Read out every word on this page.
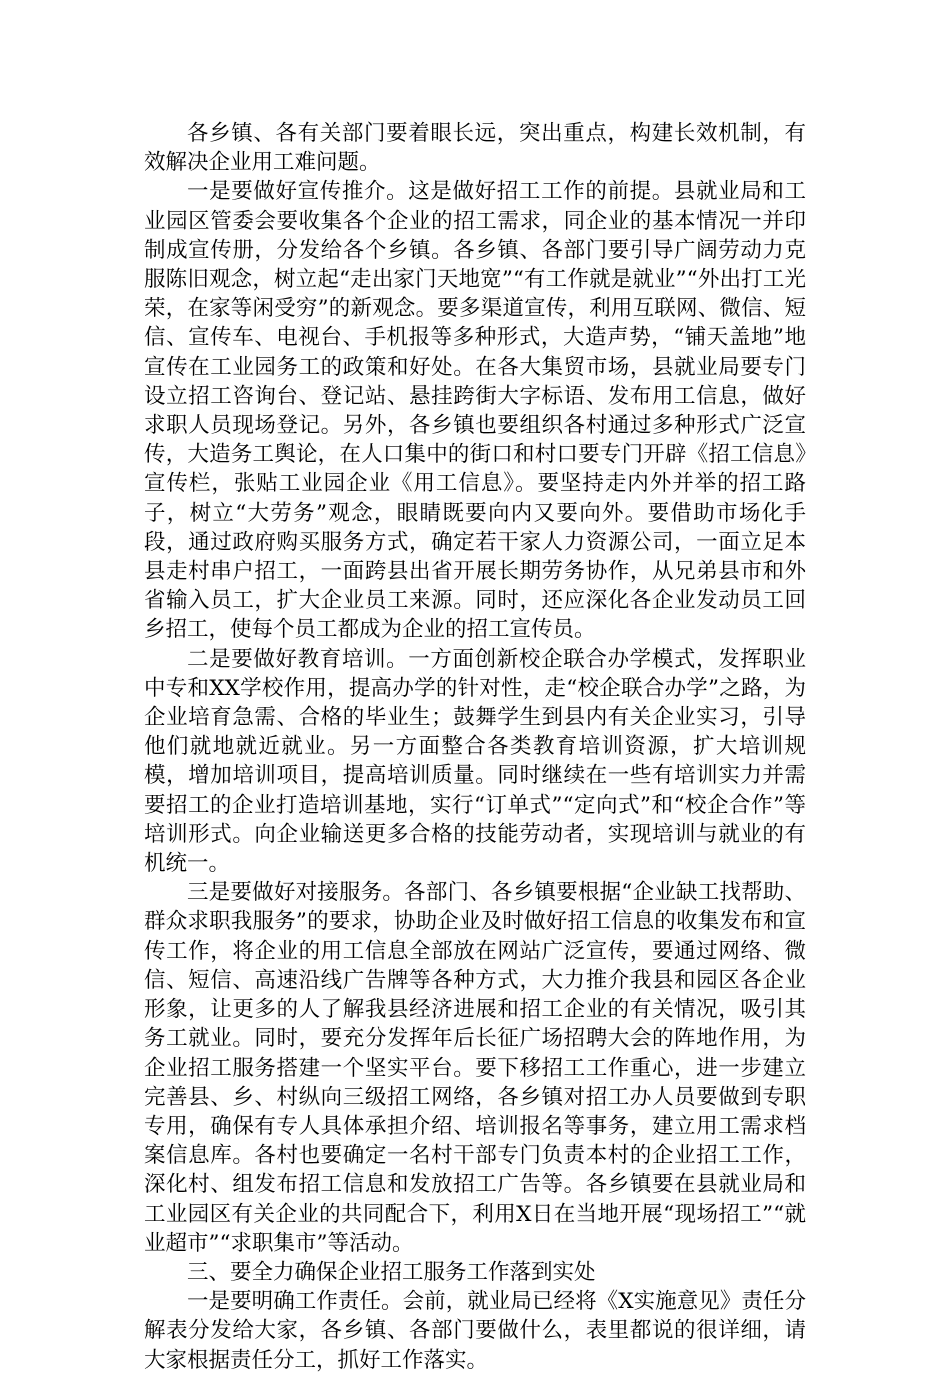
各乡镇、各有关部门要着眼长远，突出重点，构建长效机制，有效解决企业用工难问题。

一是要做好宣传推介。这是做好招工工作的前提。县就业局和工业园区管委会要收集各个企业的招工需求，同企业的基本情况一并印制成宣传册，分发给各个乡镇。各乡镇、各部门要引导广阔劳动力克服陈旧观念，树立起“走出家门天地宽”“有工作就是就业”“外出打工光荣，在家等闲受穷”的新观念。要多渠道宣传，利用互联网、微信、短信、宣传车、电视台、手机报等多种形式，大造声势，“铺天盖地”地宣传在工业园务工的政策和好处。在各大集贸市场，县就业局要专门设立招工咨询台、登记站、悬挂跨街大字标语、发布用工信息，做好求职人员现场登记。另外，各乡镇也要组织各村通过多种形式广泛宣传，大造务工舆论，在人口集中的街口和村口要专门开辟《招工信息》宣传栏，张贴工业园企业《用工信息》。要坚持走内外并举的招工路子，树立“大劳务”观念，眼睛既要向内又要向外。要借助市场化手段，通过政府购买服务方式，确定若干家人力资源公司，一面立足本县走村串户招工，一面跨县出省开展长期劳务协作，从兄弟县市和外省输入员工，扩大企业员工来源。同时，还应深化各企业发动员工回乡招工，使每个员工都成为企业的招工宣传员。

二是要做好教育培训。一方面创新校企联合办学模式，发挥职业中专和XX学校作用，提高办学的针对性，走“校企联合办学”之路，为企业培育急需、合格的毕业生；鼓舞学生到县内有关企业实习，引导他们就地就近就业。另一方面整合各类教育培训资源，扩大培训规模，增加培训项目，提高培训质量。同时继续在一些有培训实力并需要招工的企业打造培训基地，实行“订单式”“定向式”和“校企合作”等培训形式。向企业输送更多合格的技能劳动者，实现培训与就业的有机统一。

三是要做好对接服务。各部门、各乡镇要根据“企业缺工找帮助、群众求职我服务”的要求，协助企业及时做好招工信息的收集发布和宣传工作，将企业的用工信息全部放在网站广泛宣传，要通过网络、微信、短信、高速沿线广告牌等各种方式，大力推介我县和园区各企业形象，让更多的人了解我县经济进展和招工企业的有关情况，吸引其务工就业。同时，要充分发挥年后长征广场招聘大会的阵地作用，为企业招工服务搭建一个坚实平台。要下移招工工作重心，进一步建立完善县、乡、村纵向三级招工网络，各乡镇对招工办人员要做到专职专用，确保有专人具体承担介绍、培训报名等事务，建立用工需求档案信息库。各村也要确定一名村干部专门负责本村的企业招工工作，深化村、组发布招工信息和发放招工广告等。各乡镇要在县就业局和工业园区有关企业的共同配合下，利用X日在当地开展“现场招工”“就业超市”“求职集市”等活动。

三、要全力确保企业招工服务工作落到实处

一是要明确工作责任。会前，就业局已经将《X实施意见》责任分解表分发给大家，各乡镇、各部门要做什么，表里都说的很详细，请大家根据责任分工，抓好工作落实。
